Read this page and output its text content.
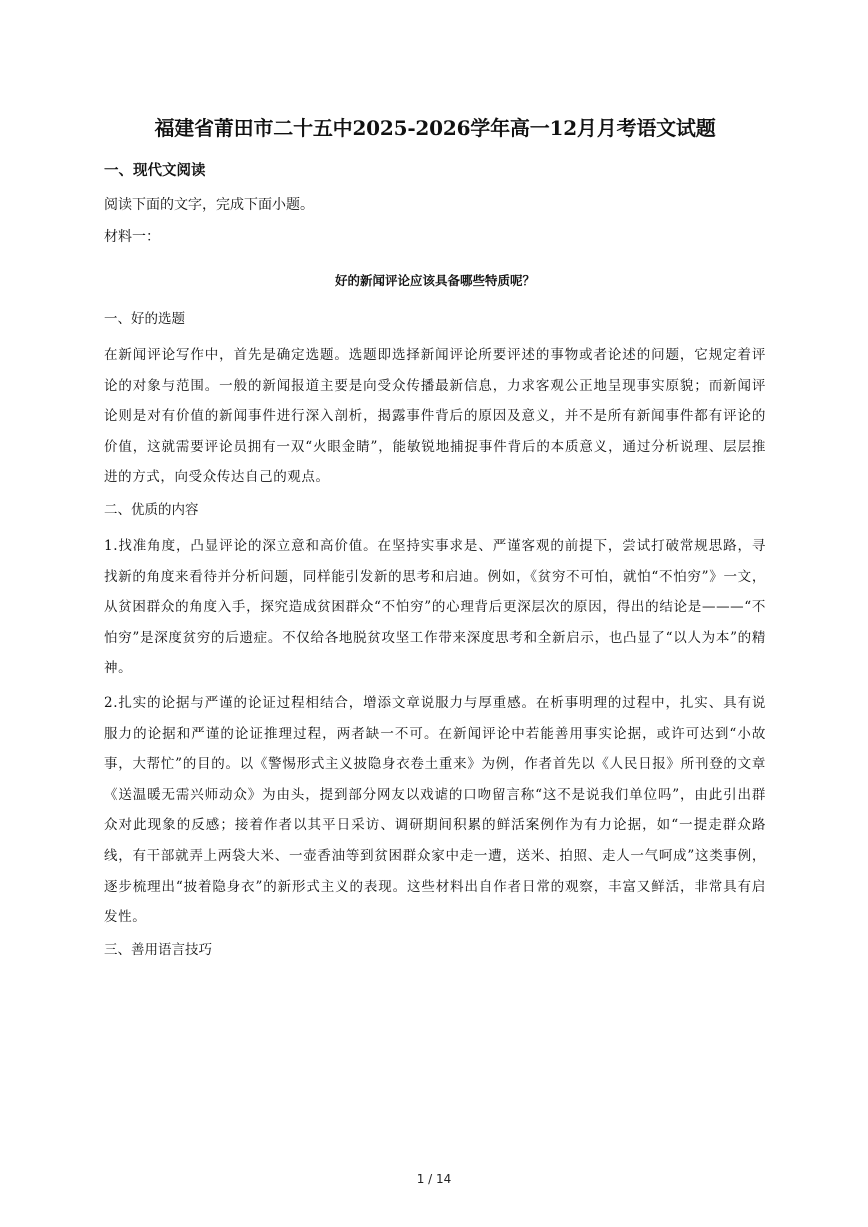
福建省莆田市二十五中2025-2026学年高一12月月考语文试题
一、现代文阅读
阅读下面的文字，完成下面小题。
材料一：
好的新闻评论应该具备哪些特质呢？
一、好的选题
在新闻评论写作中，首先是确定选题。选题即选择新闻评论所要评述的事物或者论述的问题，它规定着评论的对象与范围。一般的新闻报道主要是向受众传播最新信息，力求客观公正地呈现事实原貌；而新闻评论则是对有价值的新闻事件进行深入剖析，揭露事件背后的原因及意义，并不是所有新闻事件都有评论的价值，这就需要评论员拥有一双“火眼金睛”，能敏锐地捕捉事件背后的本质意义，通过分析说理、层层推进的方式，向受众传达自己的观点。
二、优质的内容
1.找准角度，凸显评论的深立意和高价值。在坚持实事求是、严谨客观的前提下，尝试打破常规思路，寻找新的角度来看待并分析问题，同样能引发新的思考和启迪。例如，《贫穷不可怕，就怕“不怕穷”》一文，从贫困群众的角度入手，探究造成贫困群众“不怕穷”的心理背后更深层次的原因，得出的结论是———“不怕穷”是深度贫穷的后遗症。不仅给各地脱贫攻坚工作带来深度思考和全新启示，也凸显了“以人为本”的精神。
2.扎实的论据与严谨的论证过程相结合，增添文章说服力与厚重感。在析事明理的过程中，扎实、具有说服力的论据和严谨的论证推理过程，两者缺一不可。在新闻评论中若能善用事实论据，或许可达到“小故事，大帮忙”的目的。以《警惕形式主义披隐身衣卷土重来》为例，作者首先以《人民日报》所刊登的文章《送温暖无需兴师动众》为由头，提到部分网友以戏谑的口吻留言称“这不是说我们单位吗”，由此引出群众对此现象的反感；接着作者以其平日采访、调研期间积累的鲜活案例作为有力论据，如“一提走群众路线，有干部就弄上两袋大米、一壶香油等到贫困群众家中走一遭，送米、拍照、走人一气呵成”这类事例，逐步梳理出“披着隐身衣”的新形式主义的表现。这些材料出自作者日常的观察，丰富又鲜活，非常具有启发性。
三、善用语言技巧
1 / 14
